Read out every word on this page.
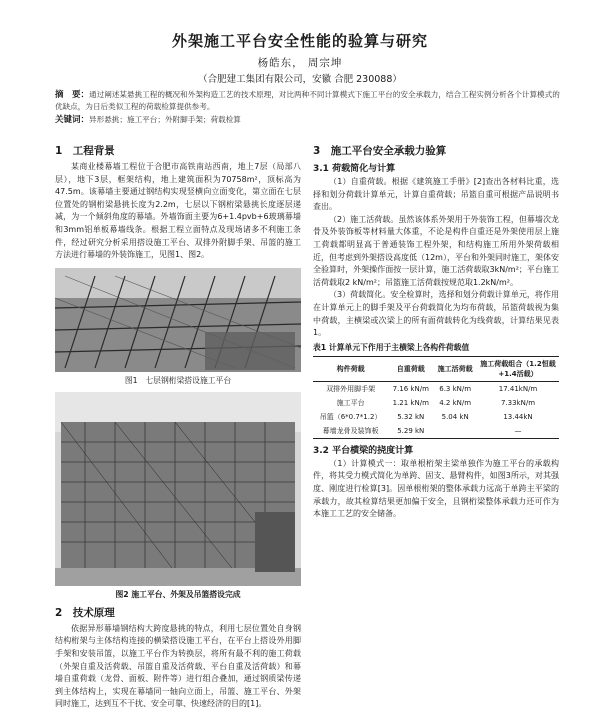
外架施工平台安全性能的验算与研究
杨皓东， 周宗坤
（合肥建工集团有限公司，安徽 合肥 230088）
摘　要：通过阐述某悬挑工程的概况和外架构造工艺的技术原理，对比两种不同计算模式下施工平台的安全承载力，结合工程实例分析各个计算模式的优缺点，为日后类似工程的荷载检算提供参考。
关键词：异形悬挑；施工平台；外附脚手架；荷载检算
1　工程背景

某商业楼幕墙工程位于合肥市高铁南站西南，地上7层（局部八层），地下3层，框架结构，地上建筑面积为70758m²，顶标高为47.5m。该幕墙主要通过钢结构实现竖横向立面变化，第立面在七层位置处的钢桁梁悬挑长度为2.2m，七层以下钢桁梁悬挑长度逐层递减，为一个倾斜角度的幕墙。外墙饰面主要为6+1.4pvb+6玻璃幕墙和3mm铝单板幕墙线条。根据工程立面特点及现场诸多不利施工条件，经过研究分析采用搭设施工平台、双排外附脚手架、吊篮的施工方法进行幕墙的外装饰施工，见图1、图2。

图1　七层钢桁梁搭设施工平台
图2 施工平台、外架及吊篮搭设完成
2　技术原理

依据异形幕墙钢结构大跨度悬挑的特点，利用七层位置处自身钢结构桁架与主体结构连接的横梁搭设施工平台，在平台上搭设外用脚手架和安装吊篮，以施工平台作为转换层，将所有最不利的施工荷载（外架自重及活荷载、吊篮自重及活荷载、平台自重及活荷载）和幕墙自重荷载（龙骨、面板、附件等）进行组合叠加，通过钢质梁传递到主体结构上，实现在幕墙同一轴向立面上，吊篮、施工平台、外架同时施工，达到互不干扰、安全可靠、快速经济的目的[1]。

3　施工平台安全承载力验算
3.1 荷载简化与计算

（1）自重荷载。根据《建筑施工手册》[2]查出各材料比重，选择和划分荷载计算单元，计算自重荷载；吊篮自重可根据产品说明书查出。

（2）施工活荷载。虽然该体系外架用于外装饰工程，但幕墙次龙骨及外装饰板等材料量大体重，不论是构件自重还是外架使用层上施工荷载都明显高于普通装饰工程外架，和结构施工所用外架荷载相近，但考虑到外架搭设高度低（12m），平台和外架同时施工，架体安全验算时，外架操作面按一层计算，施工活荷载取3kN/m²；平台施工活荷载取2 kN/m²；吊篮施工活荷载按规范取1.2kN/m²。

（3）荷载简化。安全检算时，选择和划分荷载计算单元，将作用在计算单元上的脚手架及平台荷载简化为均布荷载，吊篮荷载视为集中荷载，主横梁或次梁上的所有面荷载转化为线荷载，计算结果见表1。

表1 计算单元下作用于主横梁上各构件荷载值
构件荷载	自重荷载	施工活荷载	施工荷载组合（1.2恒载+1.4活载）
双排外用脚手架	7.16 kN/m	6.3 kN/m	17.41kN/m
施工平台	1.21 kN/m	4.2 kN/m	7.33kN/m
吊篮（6*0.7*1.2）	5.32 kN	5.04 kN	13.44kN
幕墙龙骨及装饰板	5.29 kN		—
3.2 平台横梁的挠度计算

（1）计算模式一：取单根桁架主梁单独作为施工平台的承载构件，将其受力模式简化为单跨、固支、悬臂构件，如图3所示，对其强度、刚度进行检算[3]。因单根桁架的整体承载力远高于单跨主平梁的承载力，故其检算结果更加偏于安全，且钢桁梁整体承载力还可作为本施工工艺的安全储备。
